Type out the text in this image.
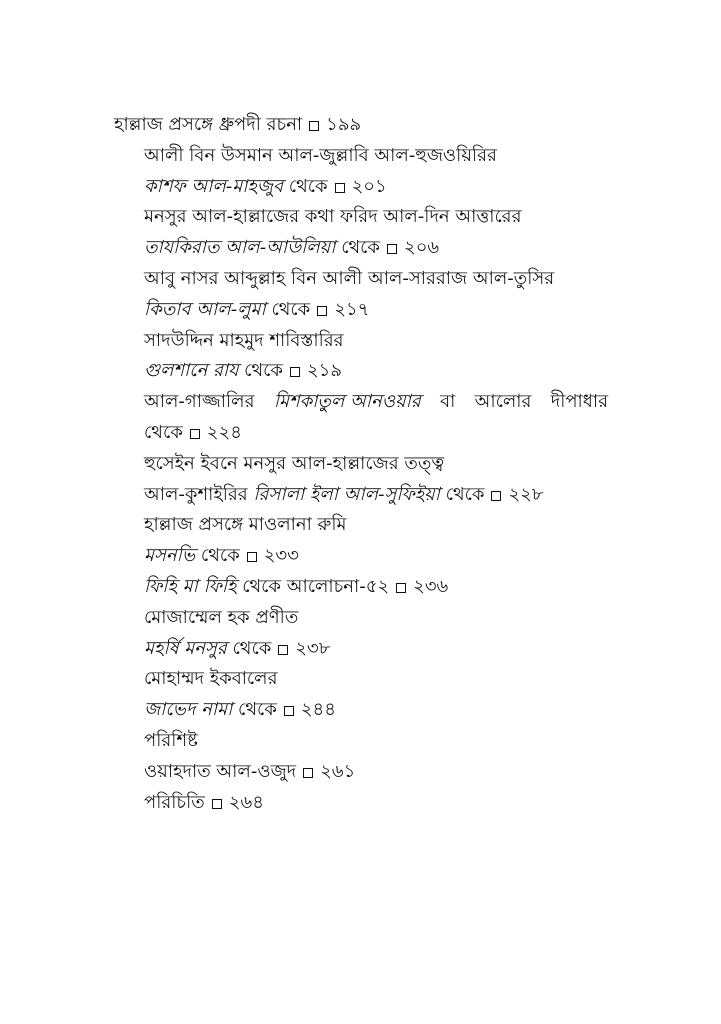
হাল্লাজ প্রসঙ্গে ধ্রুপদী রচনা ১৯৯
আলী বিন উসমান আল-জুল্লাবি আল-হুজওয়িরির
কাশফ আল-মাহজুব থেকে ২০১
মনসুর আল-হাল্লাজের কথা ফরিদ আল-দিন আত্তারের
তাযকিরাত আল-আউলিয়া থেকে ২০৬
আবু নাসর আব্দুল্লাহ বিন আলী আল-সাররাজ আল-তুসির
কিতাব আল-লুমা থেকে ২১৭
সাদউদ্দিন মাহমুদ শাবিস্তারির
গুলশানে রায থেকে ২১৯
আল-গাজ্জালির মিশকাতুল আনওয়ার বা আলোর দীপাধার
থেকে ২২৪
হুসেইন ইবনে মনসুর আল-হাল্লাজের তত্ত্ব
আল-কুশাইরির রিসালা ইলা আল-সুফিইয়া থেকে ২২৮
হাল্লাজ প্রসঙ্গে মাওলানা রুমি
মসনভি থেকে ২৩৩
ফিহি মা ফিহি থেকে আলোচনা-৫২ ২৩৬
মোজাম্মেল হক প্রণীত
মহর্ষি মনসুর থেকে ২৩৮
মোহাম্মদ ইকবালের
জাভেদ নামা থেকে ২৪৪
পরিশিষ্ট
ওয়াহদাত আল-ওজুদ ২৬১
পরিচিতি ২৬৪
